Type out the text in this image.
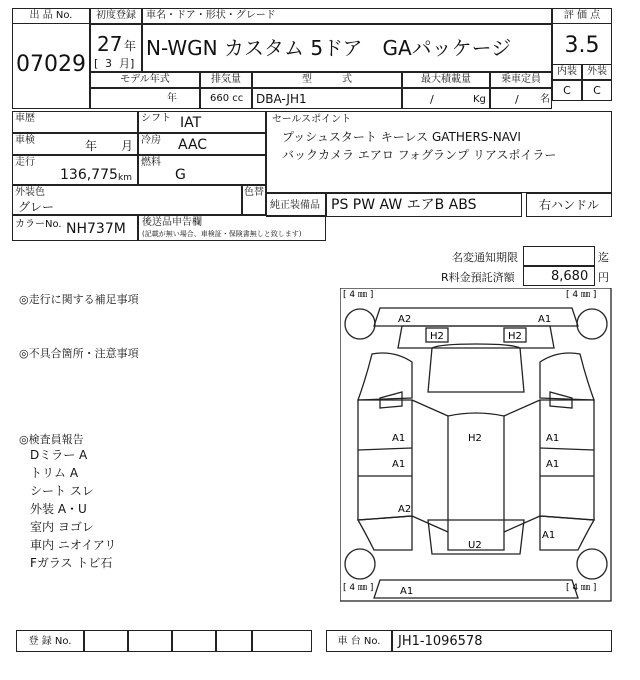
出 品 No.
07029
初度登録
27 年
[ 3 月]
車名・ドア・形状・グレード
N-WGN カスタム 5ドア　GAパッケージ
評 価 点
3.5
内装	外装
C	C
モデル年式
年
排気量
660 cc
型　　　式
DBA-JH1
最大積載量
/	Kg
乗車定員
/ 名
車歴	シフト IAT
車検	年 月 冷房 AAC
走行
136,775 km
燃料
G
セールスポイント
プッシュスタート キーレス GATHERS-NAVI
バックカメラ エアロ フォグランプ リアスポイラー
外装色
グレー
色替
純正装備品 PS PW AW エアB ABS	右ハンドル
カラーNo. NH737M 後送品申告欄
(記載が無い場合、車検証・保険書無しと致します)
名変通知期限	迄
R料金預託済額	8,680 円
◎走行に関する補足事項
◎不具合箇所・注意事項
◎検査員報告
Dミラー A
トリム A
シート スレ
外装 A・U
室内 ヨゴレ
車内 ニオイアリ
Fガラス トビ石
[ 4 ㎜ ]	[ 4 ㎜ ]
[ 4 ㎜ ]	[ 4 ㎜ ]
A2	A1
H2	H2
H2
A1
A1
A1
A1
A2
A1
U2
A1
登 録 No.	車 台 No.	JH1-1096578
